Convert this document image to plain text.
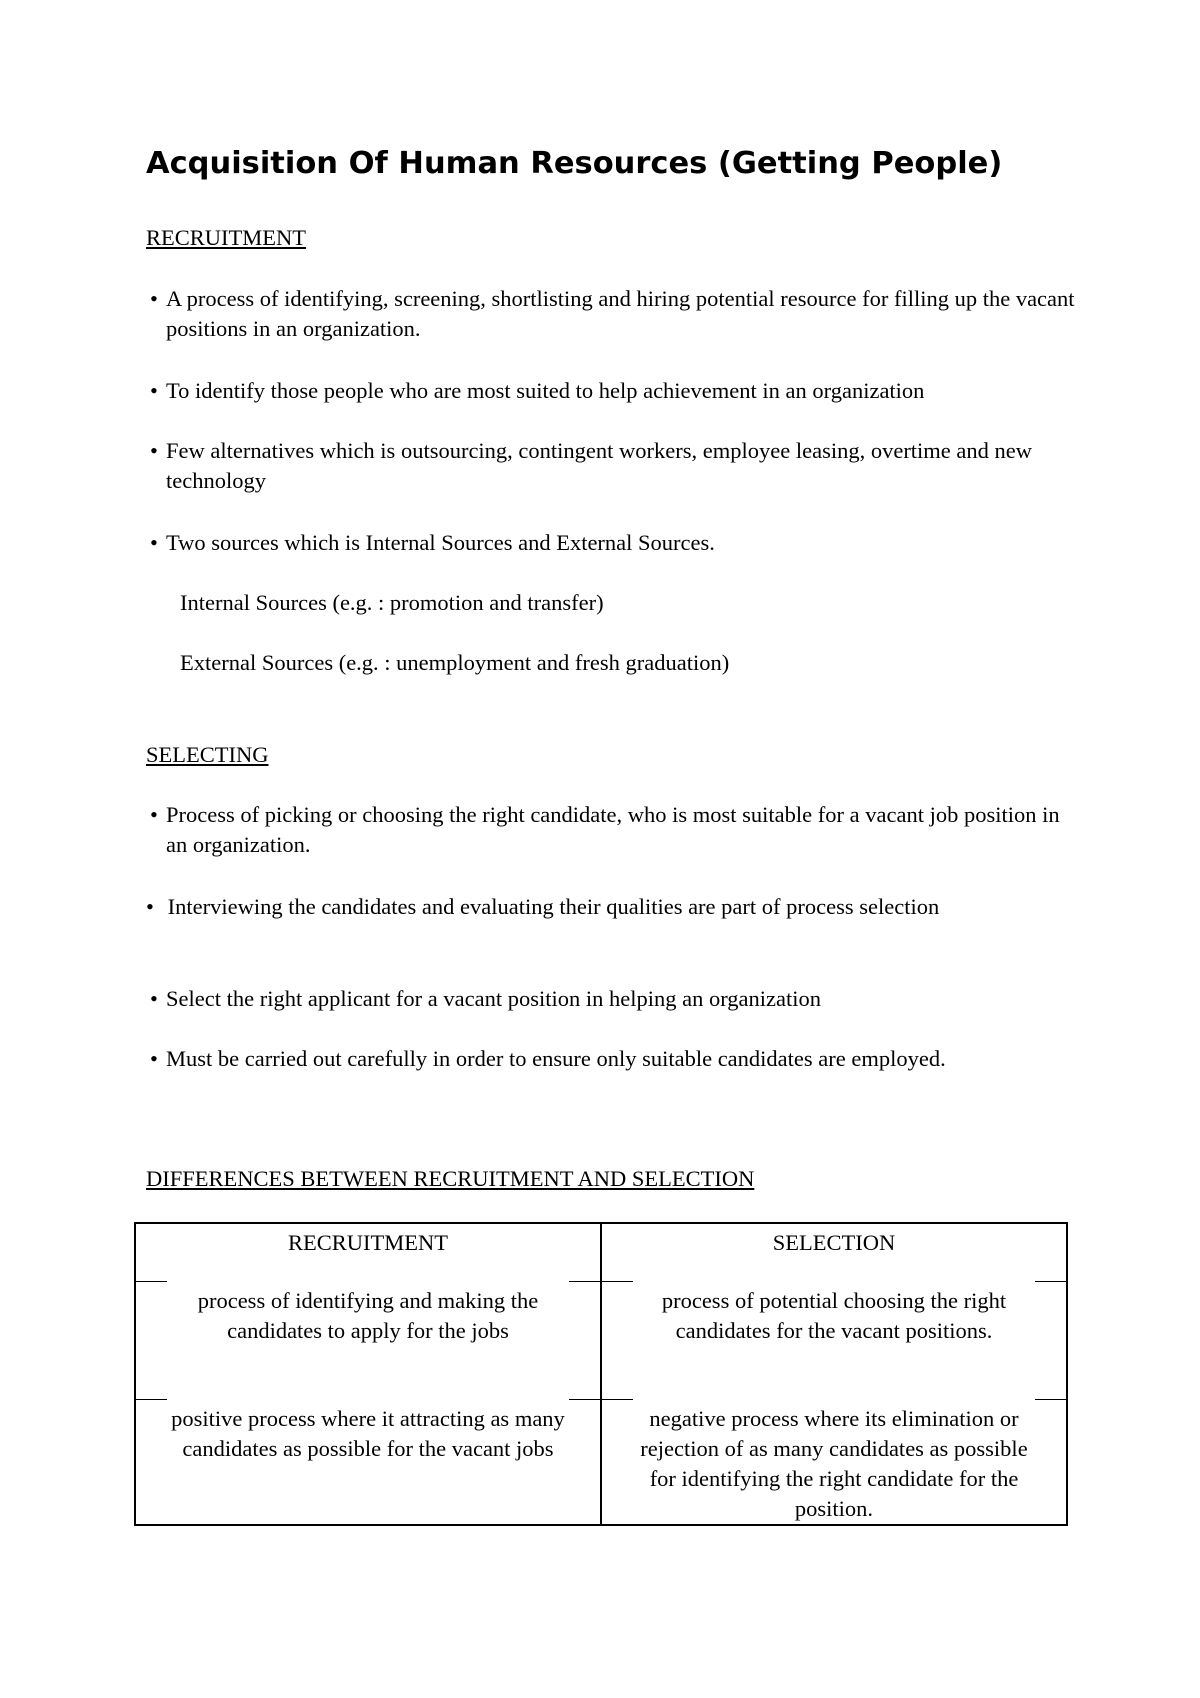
Acquisition Of Human Resources (Getting People)

RECRUITMENT

• A process of identifying, screening, shortlisting and hiring potential resource for filling up the vacant positions in an organization.

• To identify those people who are most suited to help achievement in an organization

• Few alternatives which is outsourcing, contingent workers, employee leasing, overtime and new technology

• Two sources which is Internal Sources and External Sources.

Internal Sources (e.g. : promotion and transfer)

External Sources (e.g. : unemployment and fresh graduation)

SELECTING

• Process of picking or choosing the right candidate, who is most suitable for a vacant job position in an organization.

• Interviewing the candidates and evaluating their qualities are part of process selection

• Select the right applicant for a vacant position in helping an organization

• Must be carried out carefully in order to ensure only suitable candidates are employed.

DIFFERENCES BETWEEN RECRUITMENT AND SELECTION

RECRUITMENT	SELECTION

process of identifying and making the candidates to apply for the jobs	process of potential choosing the right candidates for the vacant positions.

positive process where it attracting as many candidates as possible for the vacant jobs	negative process where its elimination or rejection of as many candidates as possible for identifying the right candidate for the position.
